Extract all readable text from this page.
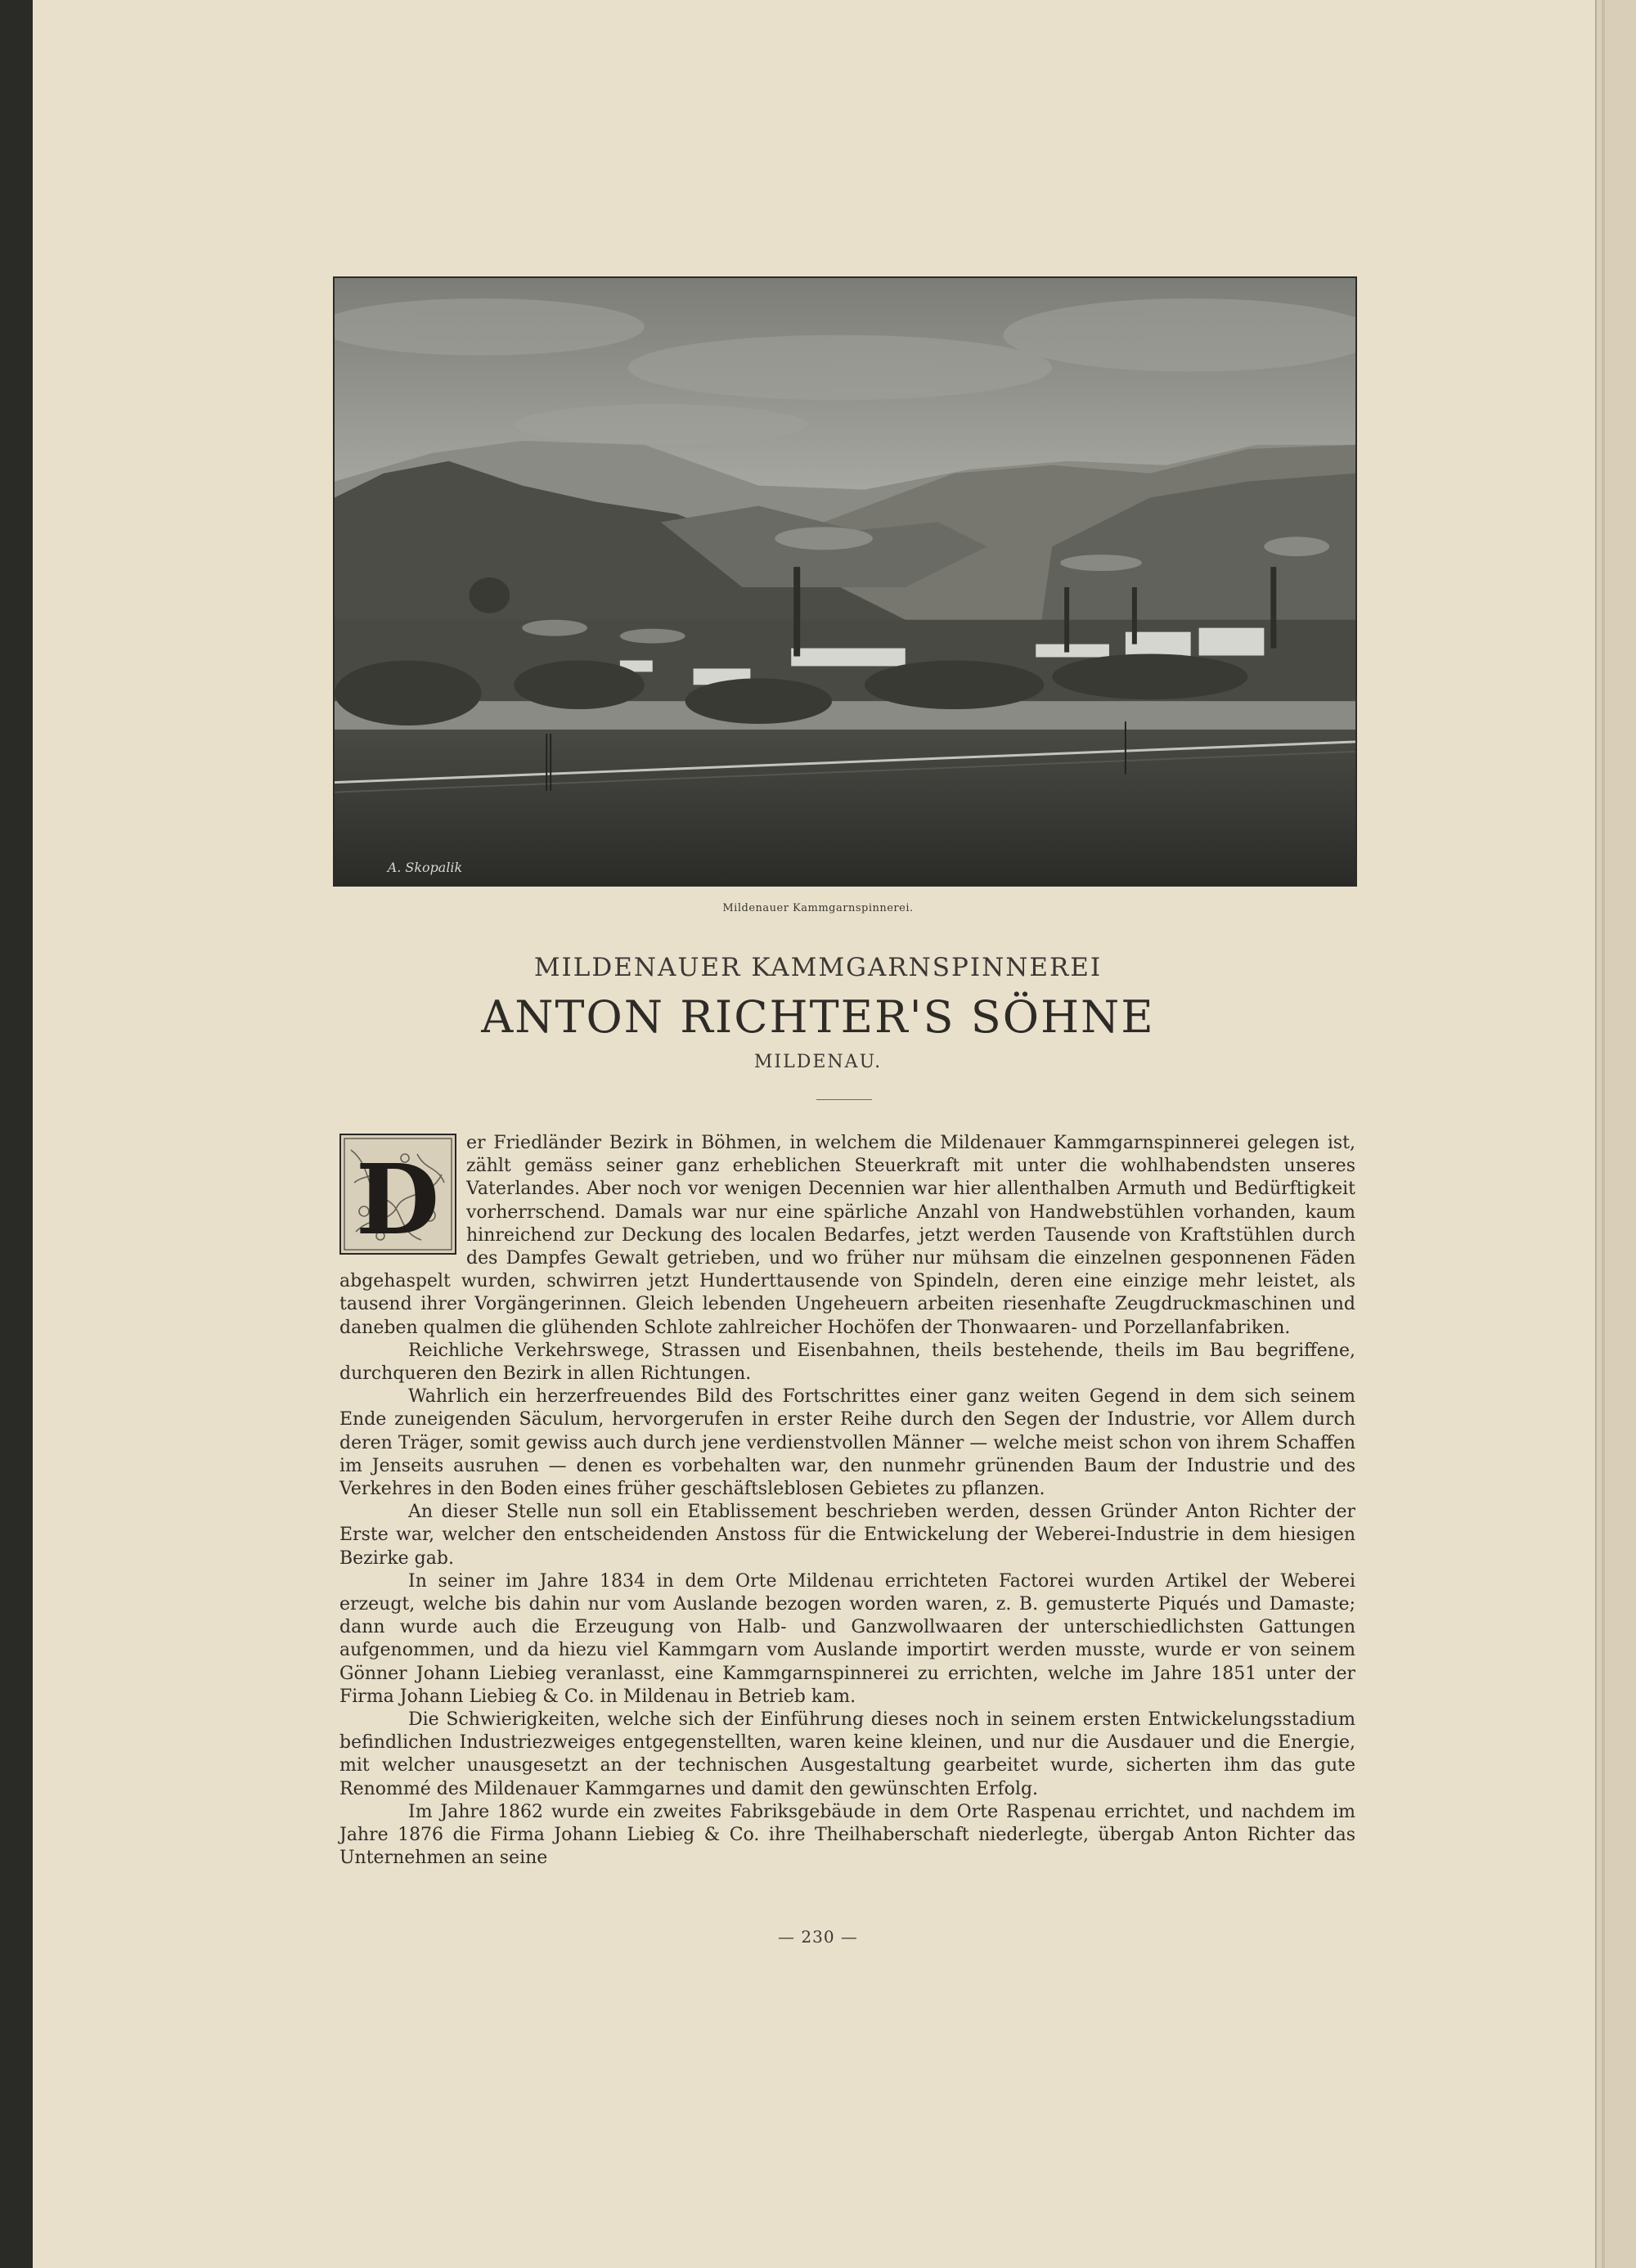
A. Skopalik
Mildenauer Kammgarnspinnerei.
MILDENAUER KAMMGARNSPINNEREI
ANTON RICHTER'S SÖHNE
MILDENAU.
D	er Friedländer Bezirk in Böhmen, in welchem die Mildenauer Kammgarnspinnerei gelegen ist, zählt gemäss seiner ganz erheblichen Steuerkraft mit unter die wohlhabendsten unseres Vaterlandes. Aber noch vor wenigen Decennien war hier allenthalben Armuth und Bedürftigkeit vorherrschend. Damals war nur eine spärliche Anzahl von Handwebstühlen vorhanden, kaum hinreichend zur Deckung des localen Bedarfes, jetzt werden Tausende von Kraftstühlen durch des Dampfes Gewalt getrieben, und wo früher nur mühsam die einzelnen gesponnenen Fäden abgehaspelt wurden, schwirren jetzt Hunderttausende von Spindeln, deren eine einzige mehr leistet, als tausend ihrer Vorgängerinnen. Gleich lebenden Ungeheuern arbeiten riesenhafte Zeugdruckmaschinen und daneben qualmen die glühenden Schlote zahlreicher Hochöfen der Thonwaaren- und Porzellanfabriken.

Reichliche Verkehrswege, Strassen und Eisenbahnen, theils bestehende, theils im Bau begriffene, durchqueren den Bezirk in allen Richtungen.

Wahrlich ein herzerfreuendes Bild des Fortschrittes einer ganz weiten Gegend in dem sich seinem Ende zuneigenden Säculum, hervorgerufen in erster Reihe durch den Segen der Industrie, vor Allem durch deren Träger, somit gewiss auch durch jene verdienstvollen Männer — welche meist schon von ihrem Schaffen im Jenseits ausruhen — denen es vorbehalten war, den nunmehr grünenden Baum der Industrie und des Verkehres in den Boden eines früher geschäftsleblosen Gebietes zu pflanzen.

An dieser Stelle nun soll ein Etablissement beschrieben werden, dessen Gründer Anton Richter der Erste war, welcher den entscheidenden Anstoss für die Entwickelung der Weberei-Industrie in dem hiesigen Bezirke gab.

In seiner im Jahre 1834 in dem Orte Mildenau errichteten Factorei wurden Artikel der Weberei erzeugt, welche bis dahin nur vom Auslande bezogen worden waren, z. B. gemusterte Piqués und Damaste; dann wurde auch die Erzeugung von Halb- und Ganzwollwaaren der unterschiedlichsten Gattungen aufgenommen, und da hiezu viel Kammgarn vom Auslande importirt werden musste, wurde er von seinem Gönner Johann Liebieg veranlasst, eine Kammgarnspinnerei zu errichten, welche im Jahre 1851 unter der Firma Johann Liebieg & Co. in Mildenau in Betrieb kam.

Die Schwierigkeiten, welche sich der Einführung dieses noch in seinem ersten Entwickelungsstadium befindlichen Industriezweiges entgegenstellten, waren keine kleinen, und nur die Ausdauer und die Energie, mit welcher unausgesetzt an der technischen Ausgestaltung gearbeitet wurde, sicherten ihm das gute Renommé des Mildenauer Kammgarnes und damit den gewünschten Erfolg.

Im Jahre 1862 wurde ein zweites Fabriksgebäude in dem Orte Raspenau errichtet, und nachdem im Jahre 1876 die Firma Johann Liebieg & Co. ihre Theilhaberschaft niederlegte, übergab Anton Richter das Unternehmen an seine

— 230 —
